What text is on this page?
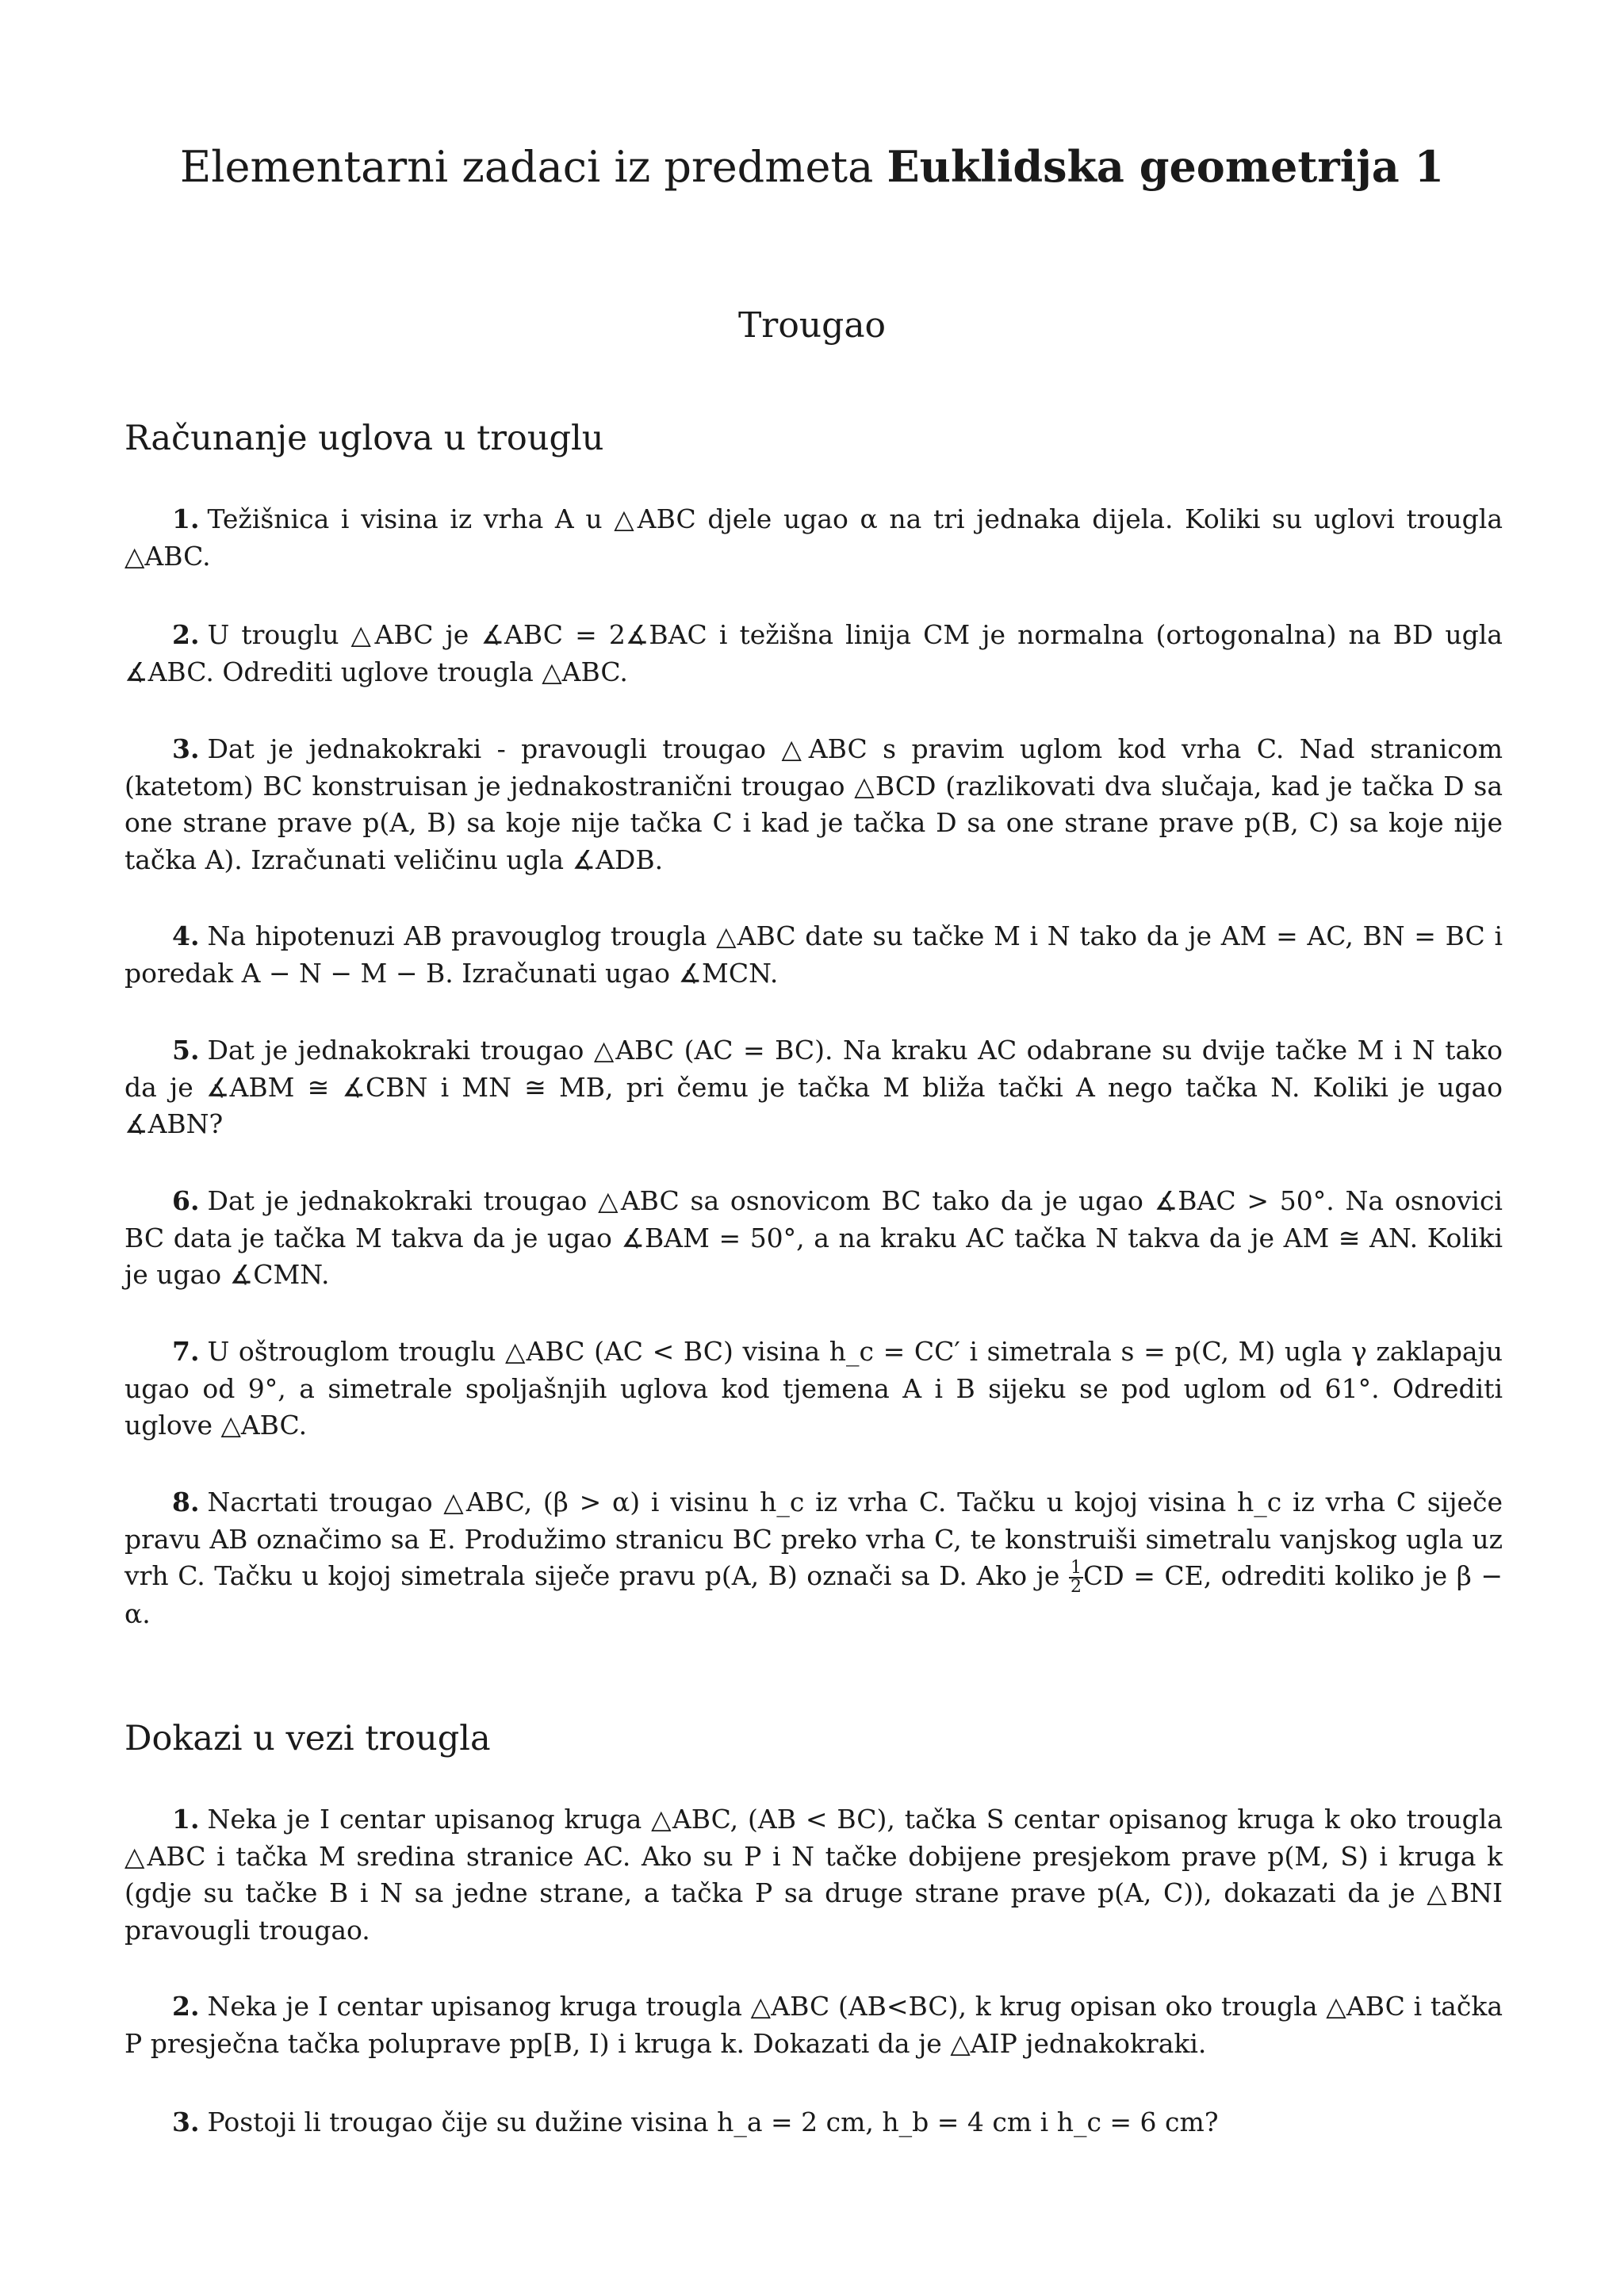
Elementarni zadaci iz predmeta Euklidska geometrija 1
Trougao
Računanje uglova u trouglu

1. Težišnica i visina iz vrha A u △ABC djele ugao α na tri jednaka dijela. Koliki su uglovi trougla △ABC.

2. U trouglu △ABC je ∡ABC = 2∡BAC i težišna linija CM je normalna (ortogonalna) na BD ugla ∡ABC. Odrediti uglove trougla △ABC.

3. Dat je jednakokraki - pravougli trougao △ABC s pravim uglom kod vrha C. Nad stranicom (katetom) BC konstruisan je jednakostranični trougao △BCD (razlikovati dva slučaja, kad je tačka D sa one strane prave p(A, B) sa koje nije tačka C i kad je tačka D sa one strane prave p(B, C) sa koje nije tačka A). Izračunati veličinu ugla ∡ADB.

4. Na hipotenuzi AB pravouglog trougla △ABC date su tačke M i N tako da je AM = AC, BN = BC i poredak A − N − M − B. Izračunati ugao ∡MCN.

5. Dat je jednakokraki trougao △ABC (AC = BC). Na kraku AC odabrane su dvije tačke M i N tako da je ∡ABM ≅ ∡CBN i MN ≅ MB, pri čemu je tačka M bliža tački A nego tačka N. Koliki je ugao ∡ABN?

6. Dat je jednakokraki trougao △ABC sa osnovicom BC tako da je ugao ∡BAC > 50°. Na osnovici BC data je tačka M takva da je ugao ∡BAM = 50°, a na kraku AC tačka N takva da je AM ≅ AN. Koliki je ugao ∡CMN.

7. U oštrouglom trouglu △ABC (AC < BC) visina h_c = CC′ i simetrala s = p(C, M) ugla γ zaklapaju ugao od 9°, a simetrale spoljašnjih uglova kod tjemena A i B sijeku se pod uglom od 61°. Odrediti uglove △ABC.

8. Nacrtati trougao △ABC, (β > α) i visinu h_c iz vrha C. Tačku u kojoj visina h_c iz vrha C siječe pravu AB označimo sa E. Produžimo stranicu BC preko vrha C, te konstruiši simetralu vanjskog ugla uz vrh C. Tačku u kojoj simetrala siječe pravu p(A, B) označi sa D. Ako je $\frac{1}{2}$ CD = CE, odrediti koliko je β − α.

Dokazi u vezi trougla

1. Neka je I centar upisanog kruga △ABC, (AB < BC), tačka S centar opisanog kruga k oko trougla △ABC i tačka M sredina stranice AC. Ako su P i N tačke dobijene presjekom prave p(M, S) i kruga k (gdje su tačke B i N sa jedne strane, a tačka P sa druge strane prave p(A, C)), dokazati da je △BNI pravougli trougao.

2. Neka je I centar upisanog kruga trougla △ABC (AB<BC), k krug opisan oko trougla △ABC i tačka P presječna tačka poluprave pp[B, I) i kruga k. Dokazati da je △AIP jednakokraki.

3. Postoji li trougao čije su dužine visina h_a = 2 cm, h_b = 4 cm i h_c = 6 cm?
